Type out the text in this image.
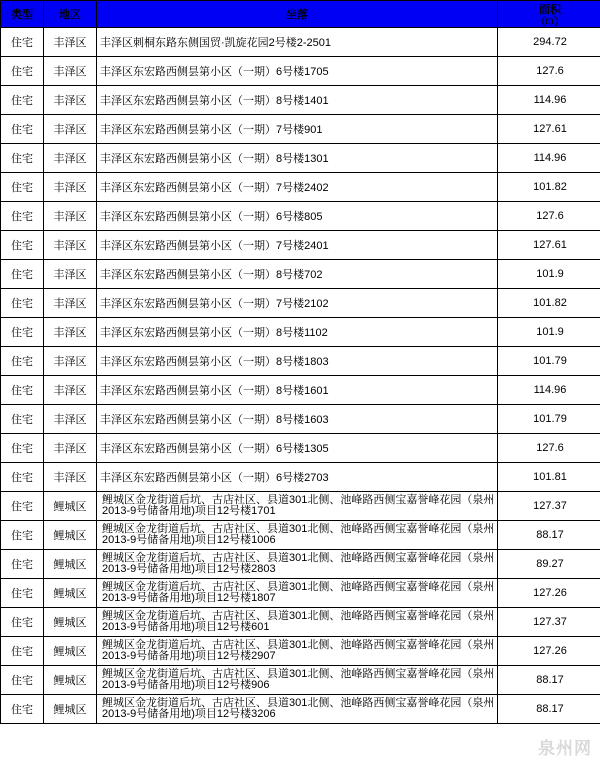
类型	地区	坐落	面积
(㎡)

住宅	丰泽区	丰泽区刺桐东路东侧国贸·凯旋花园2号楼2-2501	294.72
住宅	丰泽区	丰泽区东宏路西侧昙第小区（一期）6号楼1705	127.6
住宅	丰泽区	丰泽区东宏路西侧昙第小区（一期）8号楼1401	114.96
住宅	丰泽区	丰泽区东宏路西侧昙第小区（一期）7号楼901	127.61
住宅	丰泽区	丰泽区东宏路西侧昙第小区（一期）8号楼1301	114.96
住宅	丰泽区	丰泽区东宏路西侧昙第小区（一期）7号楼2402	101.82
住宅	丰泽区	丰泽区东宏路西侧昙第小区（一期）6号楼805	127.6
住宅	丰泽区	丰泽区东宏路西侧昙第小区（一期）7号楼2401	127.61
住宅	丰泽区	丰泽区东宏路西侧昙第小区（一期）8号楼702	101.9
住宅	丰泽区	丰泽区东宏路西侧昙第小区（一期）7号楼2102	101.82
住宅	丰泽区	丰泽区东宏路西侧昙第小区（一期）8号楼1102	101.9
住宅	丰泽区	丰泽区东宏路西侧昙第小区（一期）8号楼1803	101.79
住宅	丰泽区	丰泽区东宏路西侧昙第小区（一期）8号楼1601	114.96
住宅	丰泽区	丰泽区东宏路西侧昙第小区（一期）8号楼1603	101.79
住宅	丰泽区	丰泽区东宏路西侧昙第小区（一期）6号楼1305	127.6
住宅	丰泽区	丰泽区东宏路西侧昙第小区（一期）6号楼2703	101.81
住宅	鲤城区	鲤城区金龙街道后坑、古店社区、县道301北侧、池峰路西侧宝嘉誉峰花园（泉州2013-9号储备用地)项目12号楼1701	127.37
住宅	鲤城区	鲤城区金龙街道后坑、古店社区、县道301北侧、池峰路西侧宝嘉誉峰花园（泉州2013-9号储备用地)项目12号楼1006	88.17
住宅	鲤城区	鲤城区金龙街道后坑、古店社区、县道301北侧、池峰路西侧宝嘉誉峰花园（泉州2013-9号储备用地)项目12号楼2803	89.27
住宅	鲤城区	鲤城区金龙街道后坑、古店社区、县道301北侧、池峰路西侧宝嘉誉峰花园（泉州2013-9号储备用地)项目12号楼1807	127.26
住宅	鲤城区	鲤城区金龙街道后坑、古店社区、县道301北侧、池峰路西侧宝嘉誉峰花园（泉州2013-9号储备用地)项目12号楼601	127.37
住宅	鲤城区	鲤城区金龙街道后坑、古店社区、县道301北侧、池峰路西侧宝嘉誉峰花园（泉州2013-9号储备用地)项目12号楼2907	127.26
住宅	鲤城区	鲤城区金龙街道后坑、古店社区、县道301北侧、池峰路西侧宝嘉誉峰花园（泉州2013-9号储备用地)项目12号楼906	88.17
住宅	鲤城区	鲤城区金龙街道后坑、古店社区、县道301北侧、池峰路西侧宝嘉誉峰花园（泉州2013-9号储备用地)项目12号楼3206	88.17
泉州网
